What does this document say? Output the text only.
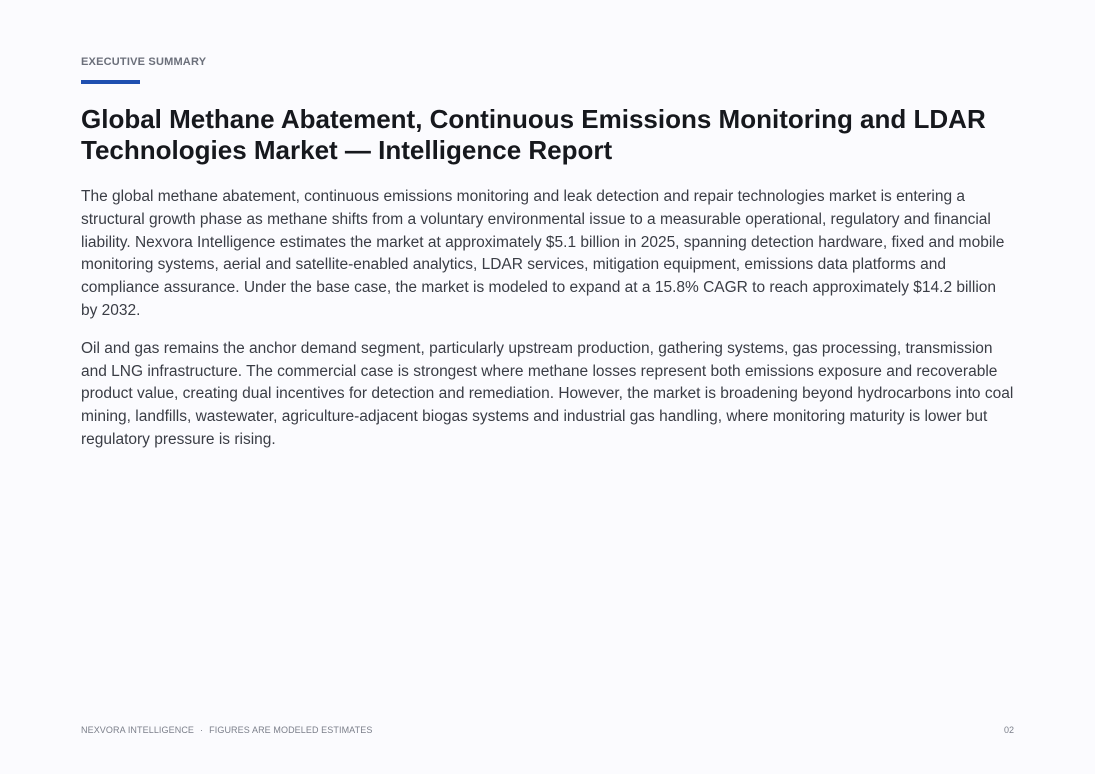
EXECUTIVE SUMMARY
Global Methane Abatement, Continuous Emissions Monitoring and LDAR Technologies Market — Intelligence Report

The global methane abatement, continuous emissions monitoring and leak detection and repair technologies market is entering a structural growth phase as methane shifts from a voluntary environmental issue to a measurable operational, regulatory and financial liability. Nexvora Intelligence estimates the market at approximately $5.1 billion in 2025, spanning detection hardware, fixed and mobile monitoring systems, aerial and satellite-enabled analytics, LDAR services, mitigation equipment, emissions data platforms and compliance assurance. Under the base case, the market is modeled to expand at a 15.8% CAGR to reach approximately $14.2 billion by 2032.

Oil and gas remains the anchor demand segment, particularly upstream production, gathering systems, gas processing, transmission and LNG infrastructure. The commercial case is strongest where methane losses represent both emissions exposure and recoverable product value, creating dual incentives for detection and remediation. However, the market is broadening beyond hydrocarbons into coal mining, landfills, wastewater, agriculture-adjacent biogas systems and industrial gas handling, where monitoring maturity is lower but regulatory pressure is rising.

NEXVORA INTELLIGENCE · FIGURES ARE MODELED ESTIMATES	02
